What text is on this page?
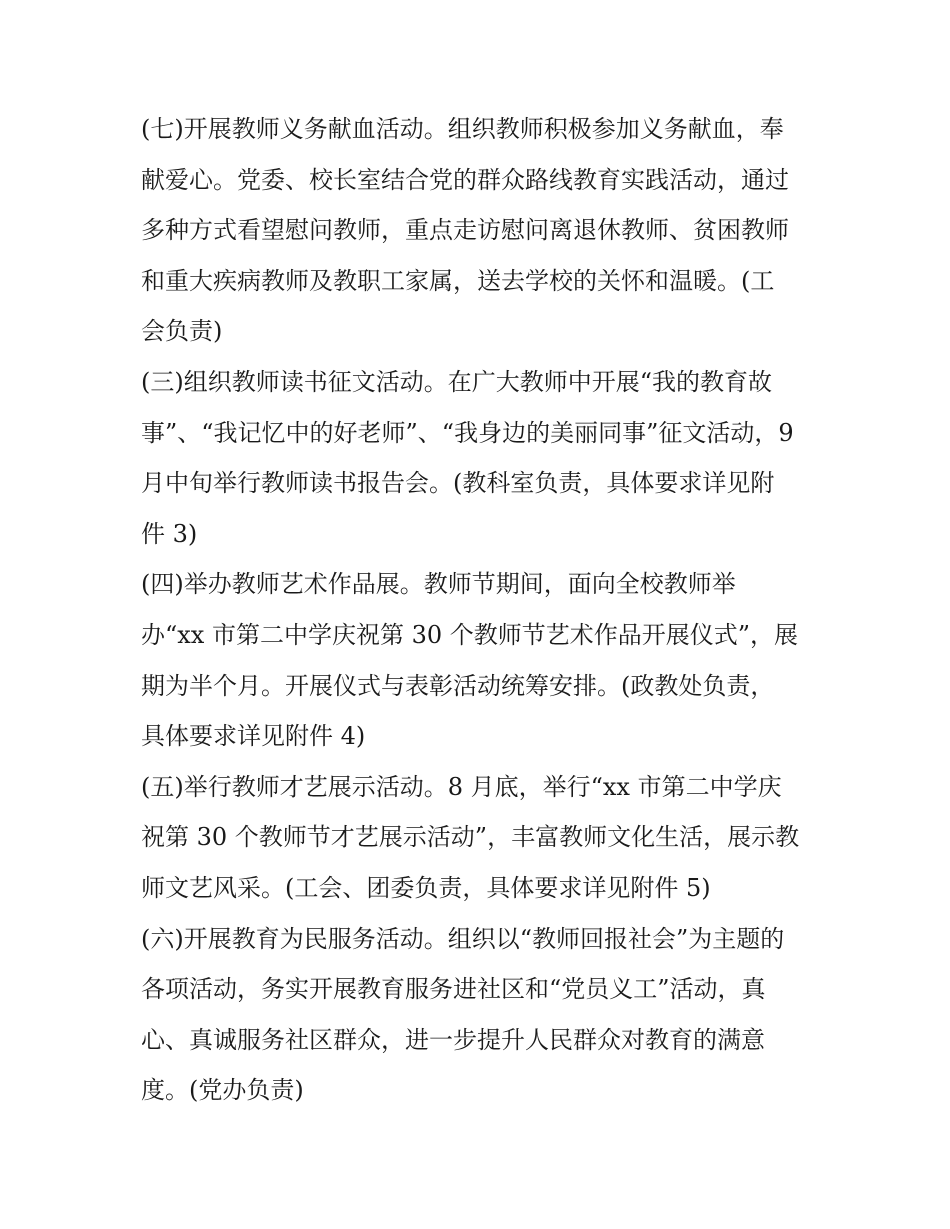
(七)开展教师义务献血活动。组织教师积极参加义务献血，奉
献爱心。党委、校长室结合党的群众路线教育实践活动，通过
多种方式看望慰问教师，重点走访慰问离退休教师、贫困教师
和重大疾病教师及教职工家属，送去学校的关怀和温暖。(工
会负责)
(三)组织教师读书征文活动。在广大教师中开展“我的教育故
事”、“我记忆中的好老师”、“我身边的美丽同事”征文活动，9
月中旬举行教师读书报告会。(教科室负责，具体要求详见附
件 3)
(四)举办教师艺术作品展。教师节期间，面向全校教师举
办“xx 市第二中学庆祝第 30 个教师节艺术作品开展仪式”，展
期为半个月。开展仪式与表彰活动统筹安排。(政教处负责，
具体要求详见附件 4)
(五)举行教师才艺展示活动。8 月底，举行“xx 市第二中学庆
祝第 30 个教师节才艺展示活动”，丰富教师文化生活，展示教
师文艺风采。(工会、团委负责，具体要求详见附件 5)
(六)开展教育为民服务活动。组织以“教师回报社会”为主题的
各项活动，务实开展教育服务进社区和“党员义工”活动，真
心、真诚服务社区群众，进一步提升人民群众对教育的满意
度。(党办负责)
